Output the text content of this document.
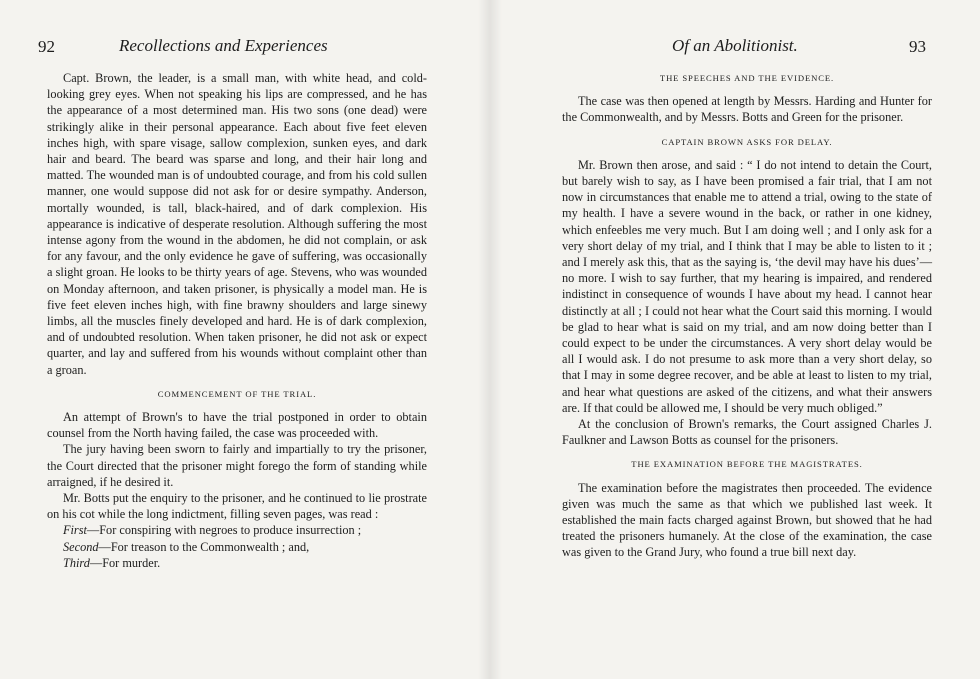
92	Recollections and Experiences

Capt. Brown, the leader, is a small man, with white head, and cold-looking grey eyes. When not speaking his lips are compressed, and he has the appearance of a most determined man. His two sons (one dead) were strikingly alike in their personal appearance. Each about five feet eleven inches high, with spare visage, sallow complexion, sunken eyes, and dark hair and beard. The beard was sparse and long, and their hair long and matted. The wounded man is of undoubted courage, and from his cold sullen manner, one would suppose did not ask for or desire sympathy. Anderson, mortally wounded, is tall, black-haired, and of dark complexion. His appearance is indicative of desperate resolution. Although suffering the most intense agony from the wound in the abdomen, he did not complain, or ask for any favour, and the only evidence he gave of suffering, was occasionally a slight groan. He looks to be thirty years of age. Stevens, who was wounded on Monday afternoon, and taken prisoner, is physically a model man. He is five feet eleven inches high, with fine brawny shoulders and large sinewy limbs, all the muscles finely developed and hard. He is of dark complexion, and of undoubted resolution. When taken prisoner, he did not ask or expect quarter, and lay and suffered from his wounds without complaint other than a groan.

COMMENCEMENT OF THE TRIAL.

An attempt of Brown's to have the trial postponed in order to obtain counsel from the North having failed, the case was proceeded with.

The jury having been sworn to fairly and impartially to try the prisoner, the Court directed that the prisoner might forego the form of standing while arraigned, if he desired it.

Mr. Botts put the enquiry to the prisoner, and he continued to lie prostrate on his cot while the long indictment, filling seven pages, was read :

First—For conspiring with negroes to produce insurrection ;

Second—For treason to the Commonwealth ; and,

Third—For murder.

Of an Abolitionist.	93
THE SPEECHES AND THE EVIDENCE.

The case was then opened at length by Messrs. Harding and Hunter for the Commonwealth, and by Messrs. Botts and Green for the prisoner.

CAPTAIN BROWN ASKS FOR DELAY.

Mr. Brown then arose, and said : “ I do not intend to detain the Court, but barely wish to say, as I have been promised a fair trial, that I am not now in circumstances that enable me to attend a trial, owing to the state of my health. I have a severe wound in the back, or rather in one kidney, which enfeebles me very much. But I am doing well ; and I only ask for a very short delay of my trial, and I think that I may be able to listen to it ; and I merely ask this, that as the saying is, ‘the devil may have his dues’—no more. I wish to say further, that my hearing is impaired, and rendered indistinct in consequence of wounds I have about my head. I cannot hear distinctly at all ; I could not hear what the Court said this morning. I would be glad to hear what is said on my trial, and am now doing better than I could expect to be under the circumstances. A very short delay would be all I would ask. I do not presume to ask more than a very short delay, so that I may in some degree recover, and be able at least to listen to my trial, and hear what questions are asked of the citizens, and what their answers are. If that could be allowed me, I should be very much obliged.”

At the conclusion of Brown's remarks, the Court assigned Charles J. Faulkner and Lawson Botts as counsel for the prisoners.

THE EXAMINATION BEFORE THE MAGISTRATES.

The examination before the magistrates then proceeded. The evidence given was much the same as that which we published last week. It established the main facts charged against Brown, but showed that he had treated the prisoners humanely. At the close of the examination, the case was given to the Grand Jury, who found a true bill next day.
